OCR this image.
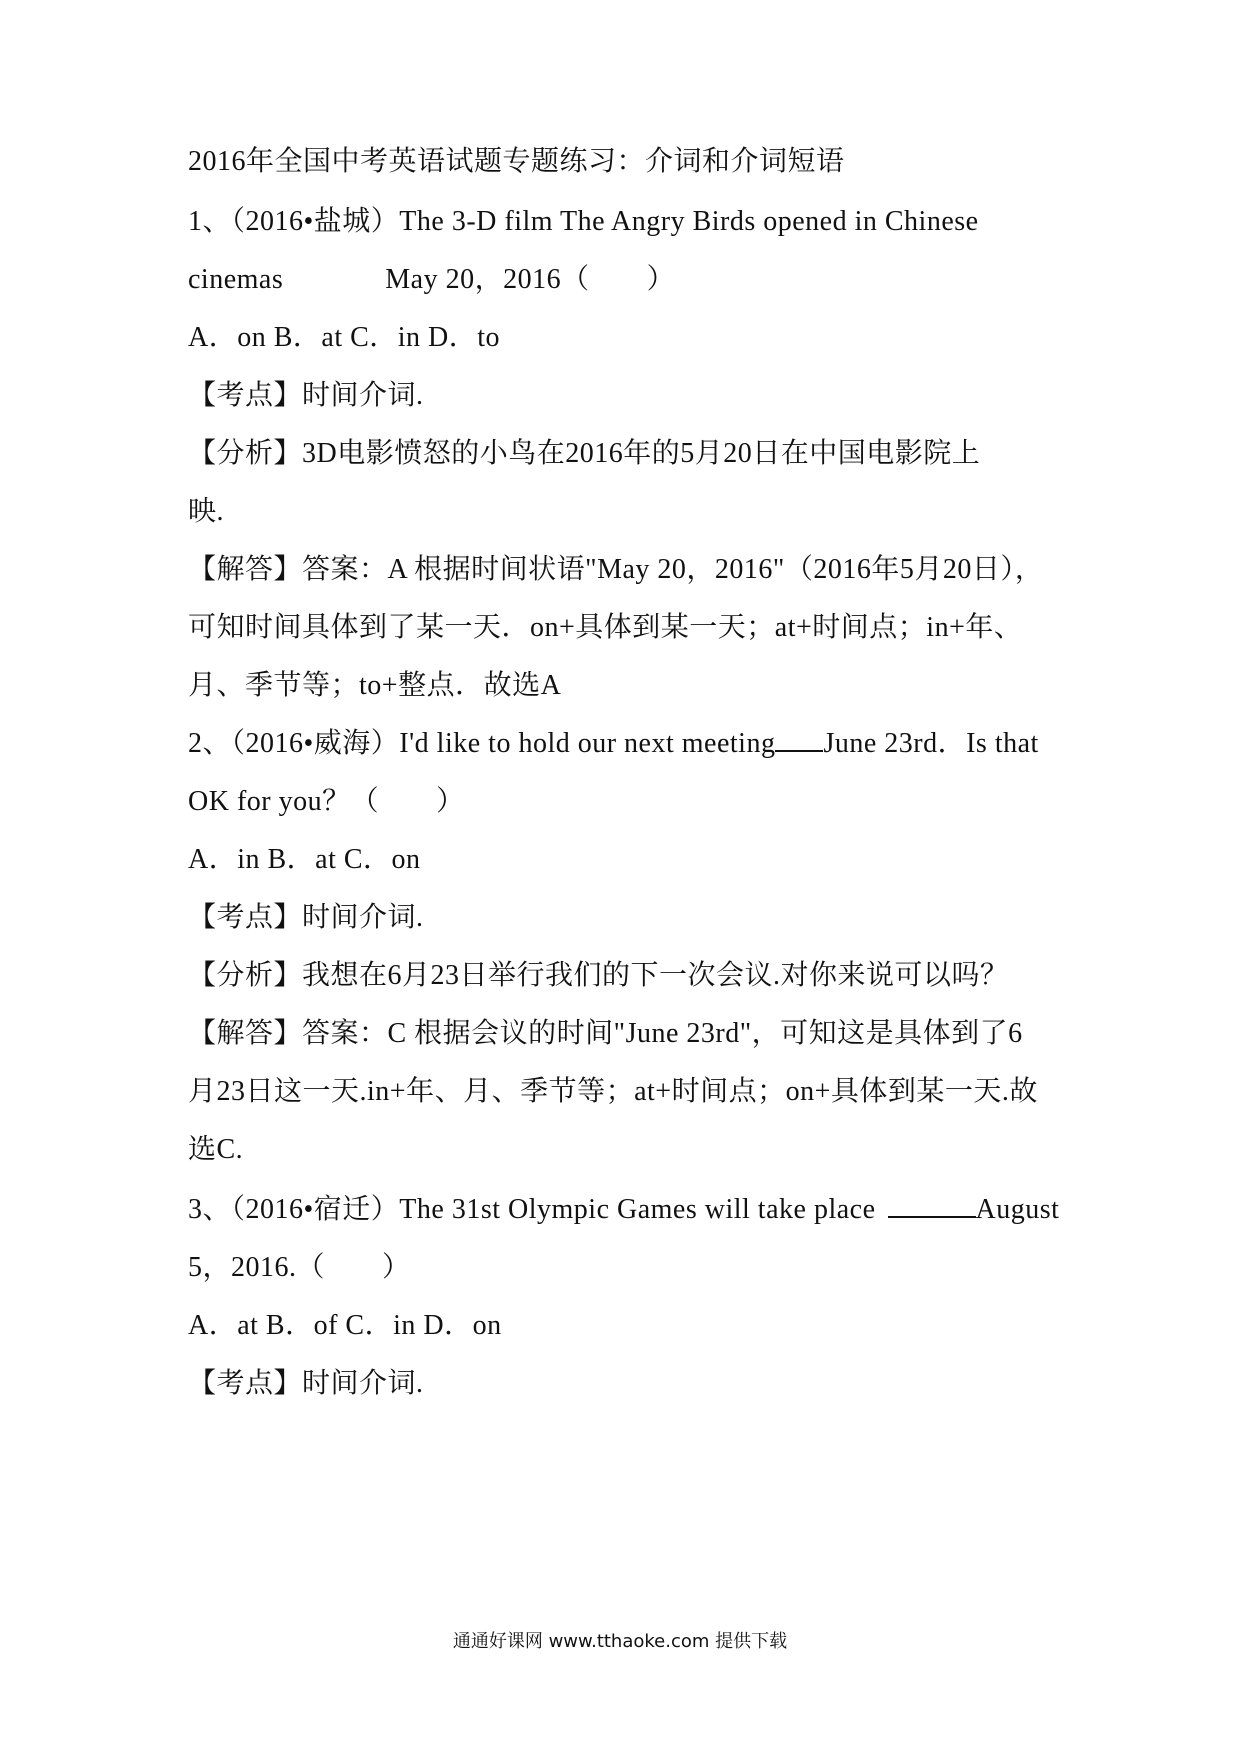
2016年全国中考英语试题专题练习：介词和介词短语
1、（2016•盐城）The 3-D film The Angry Birds opened in Chinese
cinemas	May 20，2016（　　）
A．on B．at C．in D．to
【考点】时间介词.
【分析】3D电影愤怒的小鸟在2016年的5月20日在中国电影院上
映.
【解答】答案：A 根据时间状语"May 20，2016"（2016年5月20日），
可知时间具体到了某一天．on+具体到某一天；at+时间点；in+年、
月、季节等；to+整点．故选A
2、（2016•威海）I'd like to hold our next meeting June 23rd．Is that
OK for you？（　　）
A．in B．at C．on
【考点】时间介词.
【分析】我想在6月23日举行我们的下一次会议.对你来说可以吗？
【解答】答案：C 根据会议的时间"June 23rd"，可知这是具体到了6
月23日这一天.in+年、月、季节等；at+时间点；on+具体到某一天.故
选C.
3、（2016•宿迁）The 31st Olympic Games will take place	August
5，2016.（　　）
A．at B．of C．in D．on
【考点】时间介词.
通通好课网 www.tthaoke.com 提供下载
